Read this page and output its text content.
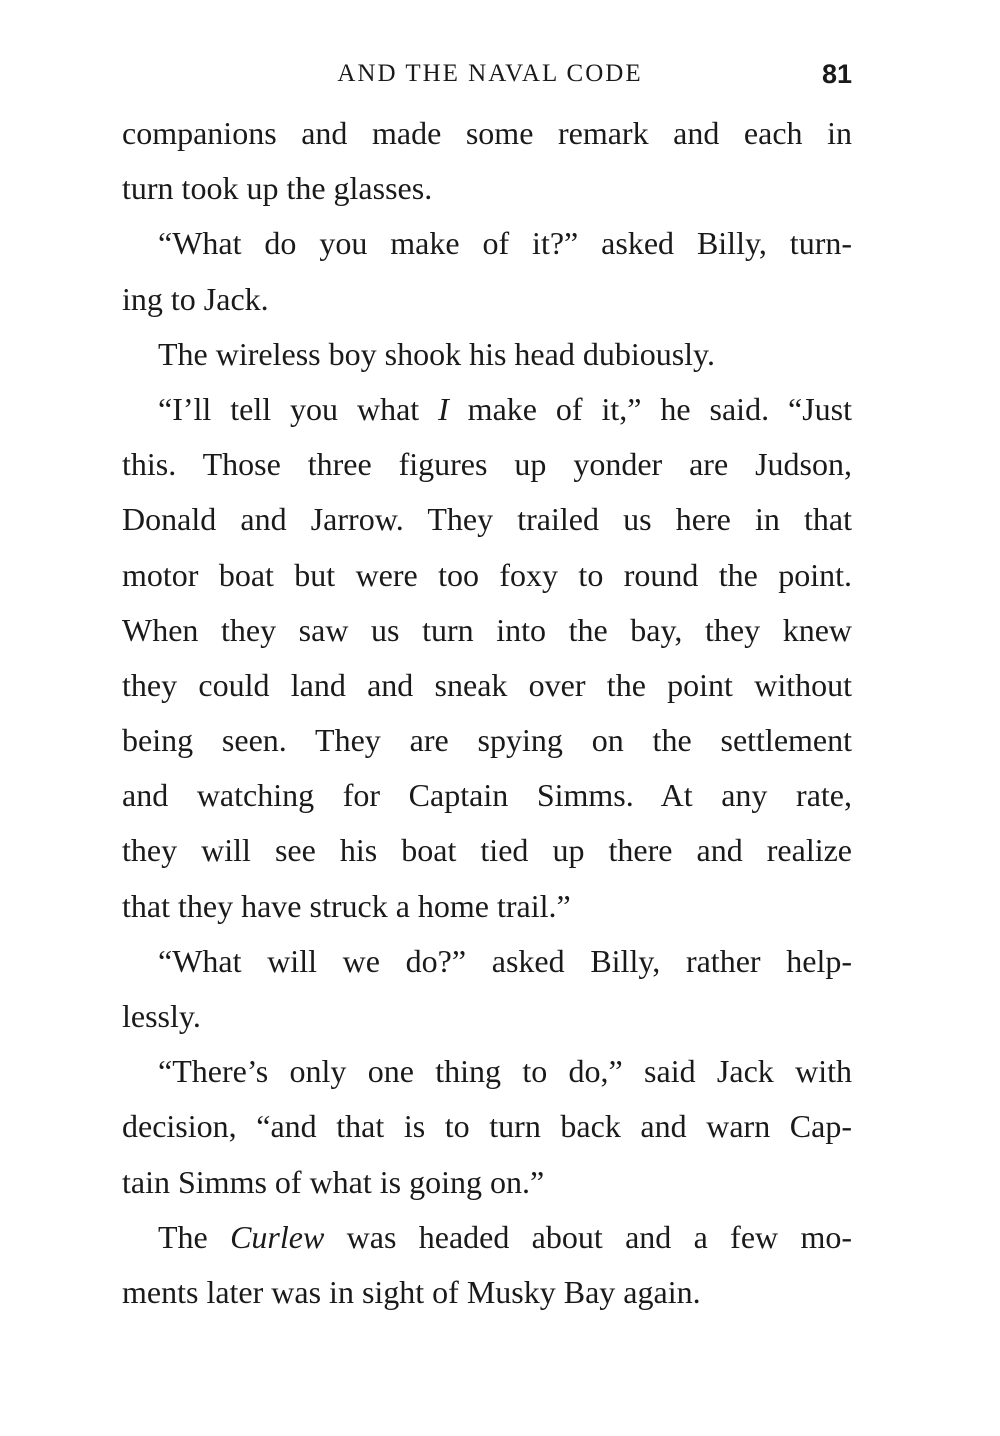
AND THE NAVAL CODE	81
companions and made some remark and each in
turn took up the glasses.
“What do you make of it?” asked Billy, turn-
ing to Jack.
The wireless boy shook his head dubiously.
“I’ll tell you what I make of it,” he said. “Just
this. Those three figures up yonder are Judson,
Donald and Jarrow. They trailed us here in that
motor boat but were too foxy to round the point.
When they saw us turn into the bay, they knew
they could land and sneak over the point without
being seen. They are spying on the settlement
and watching for Captain Simms. At any rate,
they will see his boat tied up there and realize
that they have struck a home trail.”
“What will we do?” asked Billy, rather help-
lessly.
“There’s only one thing to do,” said Jack with
decision, “and that is to turn back and warn Cap-
tain Simms of what is going on.”
The Curlew was headed about and a few mo-
ments later was in sight of Musky Bay again.
